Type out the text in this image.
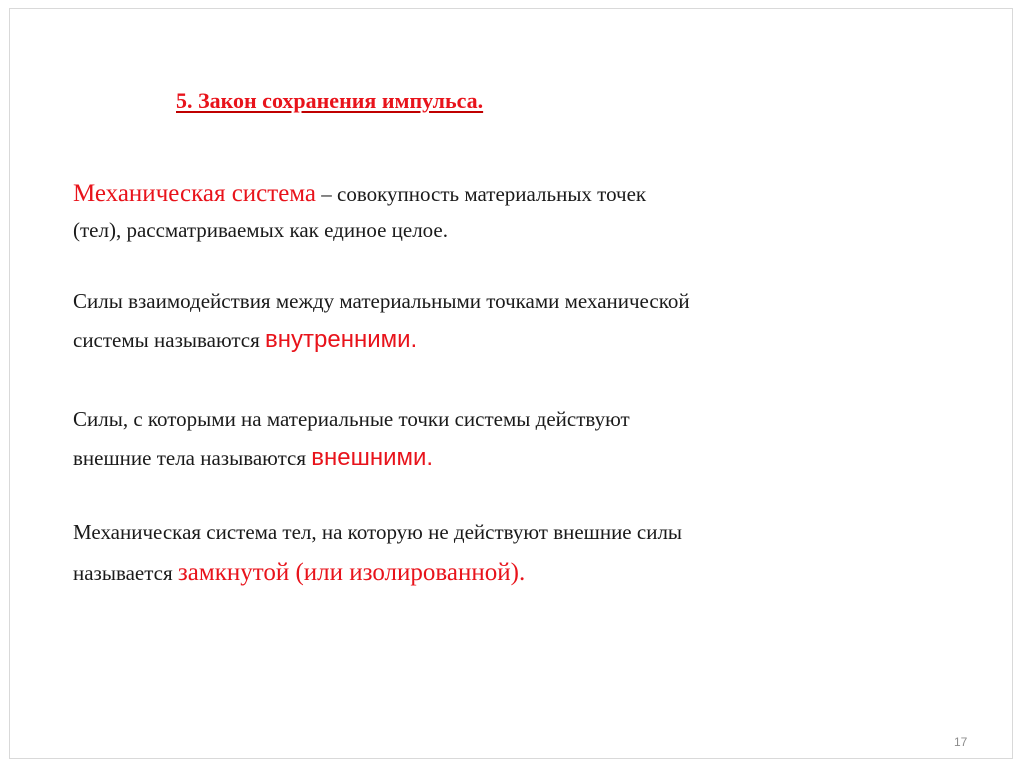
5. Закон сохранения импульса.
Механическая система – совокупность материальных точек
(тел), рассматриваемых как единое целое.
Силы взаимодействия между материальными точками механической
системы называются внутренними.
Силы, с которыми на материальные точки системы действуют
внешние тела называются внешними.
Механическая система тел, на которую не действуют внешние силы
называется замкнутой (или изолированной).
17
